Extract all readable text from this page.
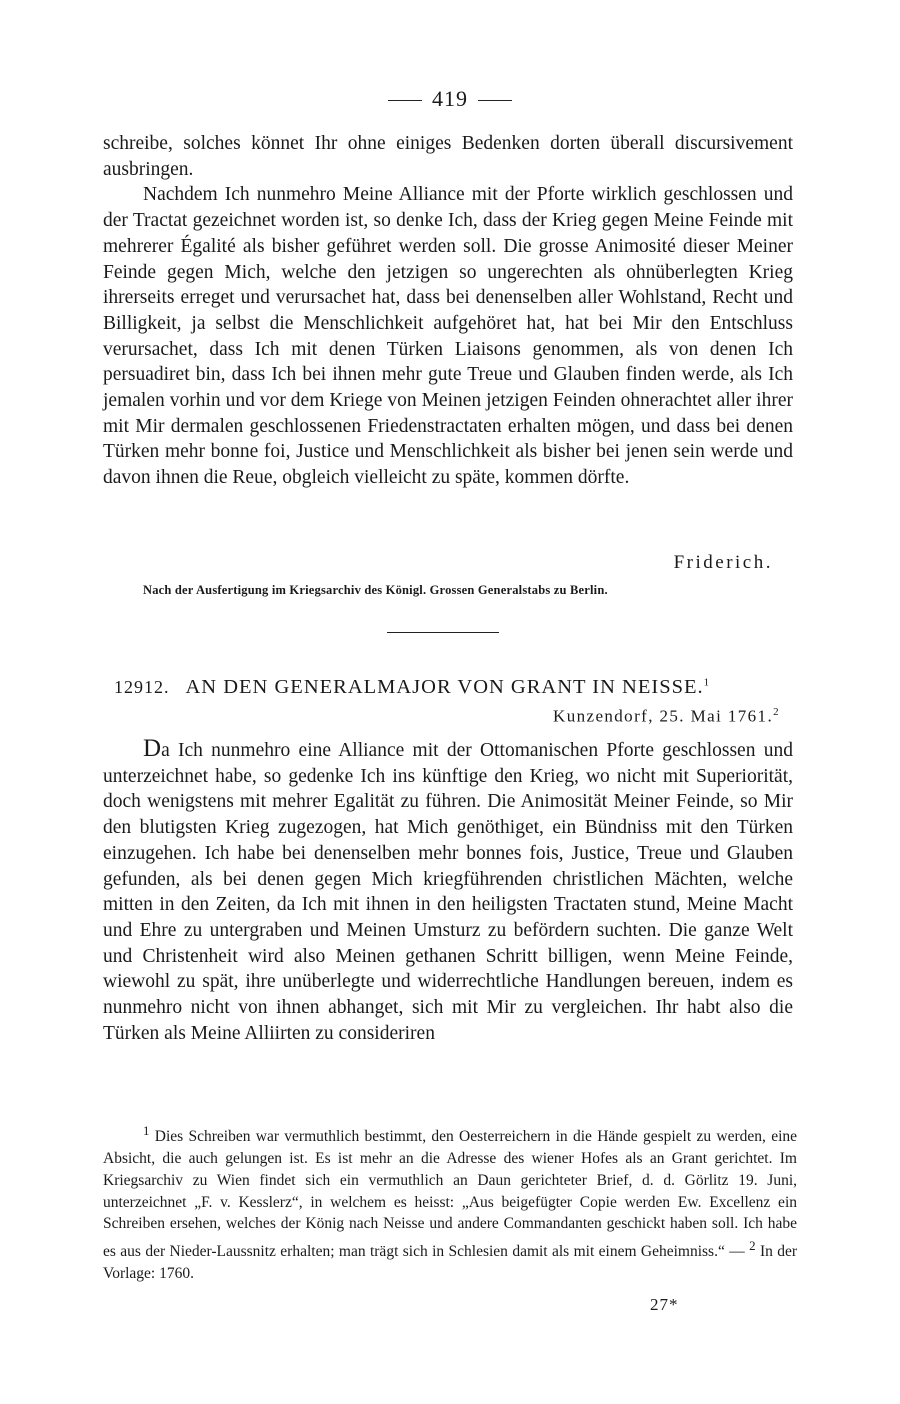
419

schreibe, solches könnet Ihr ohne einiges Bedenken dorten überall discursivement ausbringen.

Nachdem Ich nunmehro Meine Alliance mit der Pforte wirklich geschlossen und der Tractat gezeichnet worden ist, so denke Ich, dass der Krieg gegen Meine Feinde mit mehrerer Égalité als bisher geführet werden soll. Die grosse Animosité dieser Meiner Feinde gegen Mich, welche den jetzigen so ungerechten als ohnüberlegten Krieg ihrerseits erreget und verursachet hat, dass bei denenselben aller Wohlstand, Recht und Billigkeit, ja selbst die Menschlichkeit aufgehöret hat, hat bei Mir den Entschluss verursachet, dass Ich mit denen Türken Liaisons genommen, als von denen Ich persuadiret bin, dass Ich bei ihnen mehr gute Treue und Glauben finden werde, als Ich jemalen vorhin und vor dem Kriege von Meinen jetzigen Feinden ohnerachtet aller ihrer mit Mir dermalen geschlossenen Friedenstractaten erhalten mögen, und dass bei denen Türken mehr bonne foi, Justice und Menschlichkeit als bisher bei jenen sein werde und davon ihnen die Reue, obgleich vielleicht zu späte, kommen dörfte.

Friderich.
Nach der Ausfertigung im Kriegsarchiv des Königl. Grossen Generalstabs zu Berlin.
12912. AN DEN GENERALMAJOR VON GRANT IN NEISSE.$^1$
Kunzendorf, 25. Mai 1761.$^2$

Da Ich nunmehro eine Alliance mit der Ottomanischen Pforte geschlossen und unterzeichnet habe, so gedenke Ich ins künftige den Krieg, wo nicht mit Superiorität, doch wenigstens mit mehrer Egalität zu führen. Die Animosität Meiner Feinde, so Mir den blutigsten Krieg zugezogen, hat Mich genöthiget, ein Bündniss mit den Türken einzugehen. Ich habe bei denenselben mehr bonnes fois, Justice, Treue und Glauben gefunden, als bei denen gegen Mich kriegführenden christlichen Mächten, welche mitten in den Zeiten, da Ich mit ihnen in den heiligsten Tractaten stund, Meine Macht und Ehre zu untergraben und Meinen Umsturz zu befördern suchten. Die ganze Welt und Christenheit wird also Meinen gethanen Schritt billigen, wenn Meine Feinde, wiewohl zu spät, ihre unüberlegte und widerrechtliche Handlungen bereuen, indem es nunmehro nicht von ihnen abhanget, sich mit Mir zu vergleichen. Ihr habt also die Türken als Meine Alliirten zu consideriren

$^1$ Dies Schreiben war vermuthlich bestimmt, den Oesterreichern in die Hände gespielt zu werden, eine Absicht, die auch gelungen ist. Es ist mehr an die Adresse des wiener Hofes als an Grant gerichtet. Im Kriegsarchiv zu Wien findet sich ein vermuthlich an Daun gerichteter Brief, d. d. Görlitz 19. Juni, unterzeichnet „F. v. Kesslerz“, in welchem es heisst: „Aus beigefügter Copie werden Ew. Excellenz ein Schreiben ersehen, welches der König nach Neisse und andere Commandanten geschickt haben soll. Ich habe es aus der Nieder-Laussnitz erhalten; man trägt sich in Schlesien damit als mit einem Geheimniss.“ — $^2$ In der Vorlage: 1760.

27*
